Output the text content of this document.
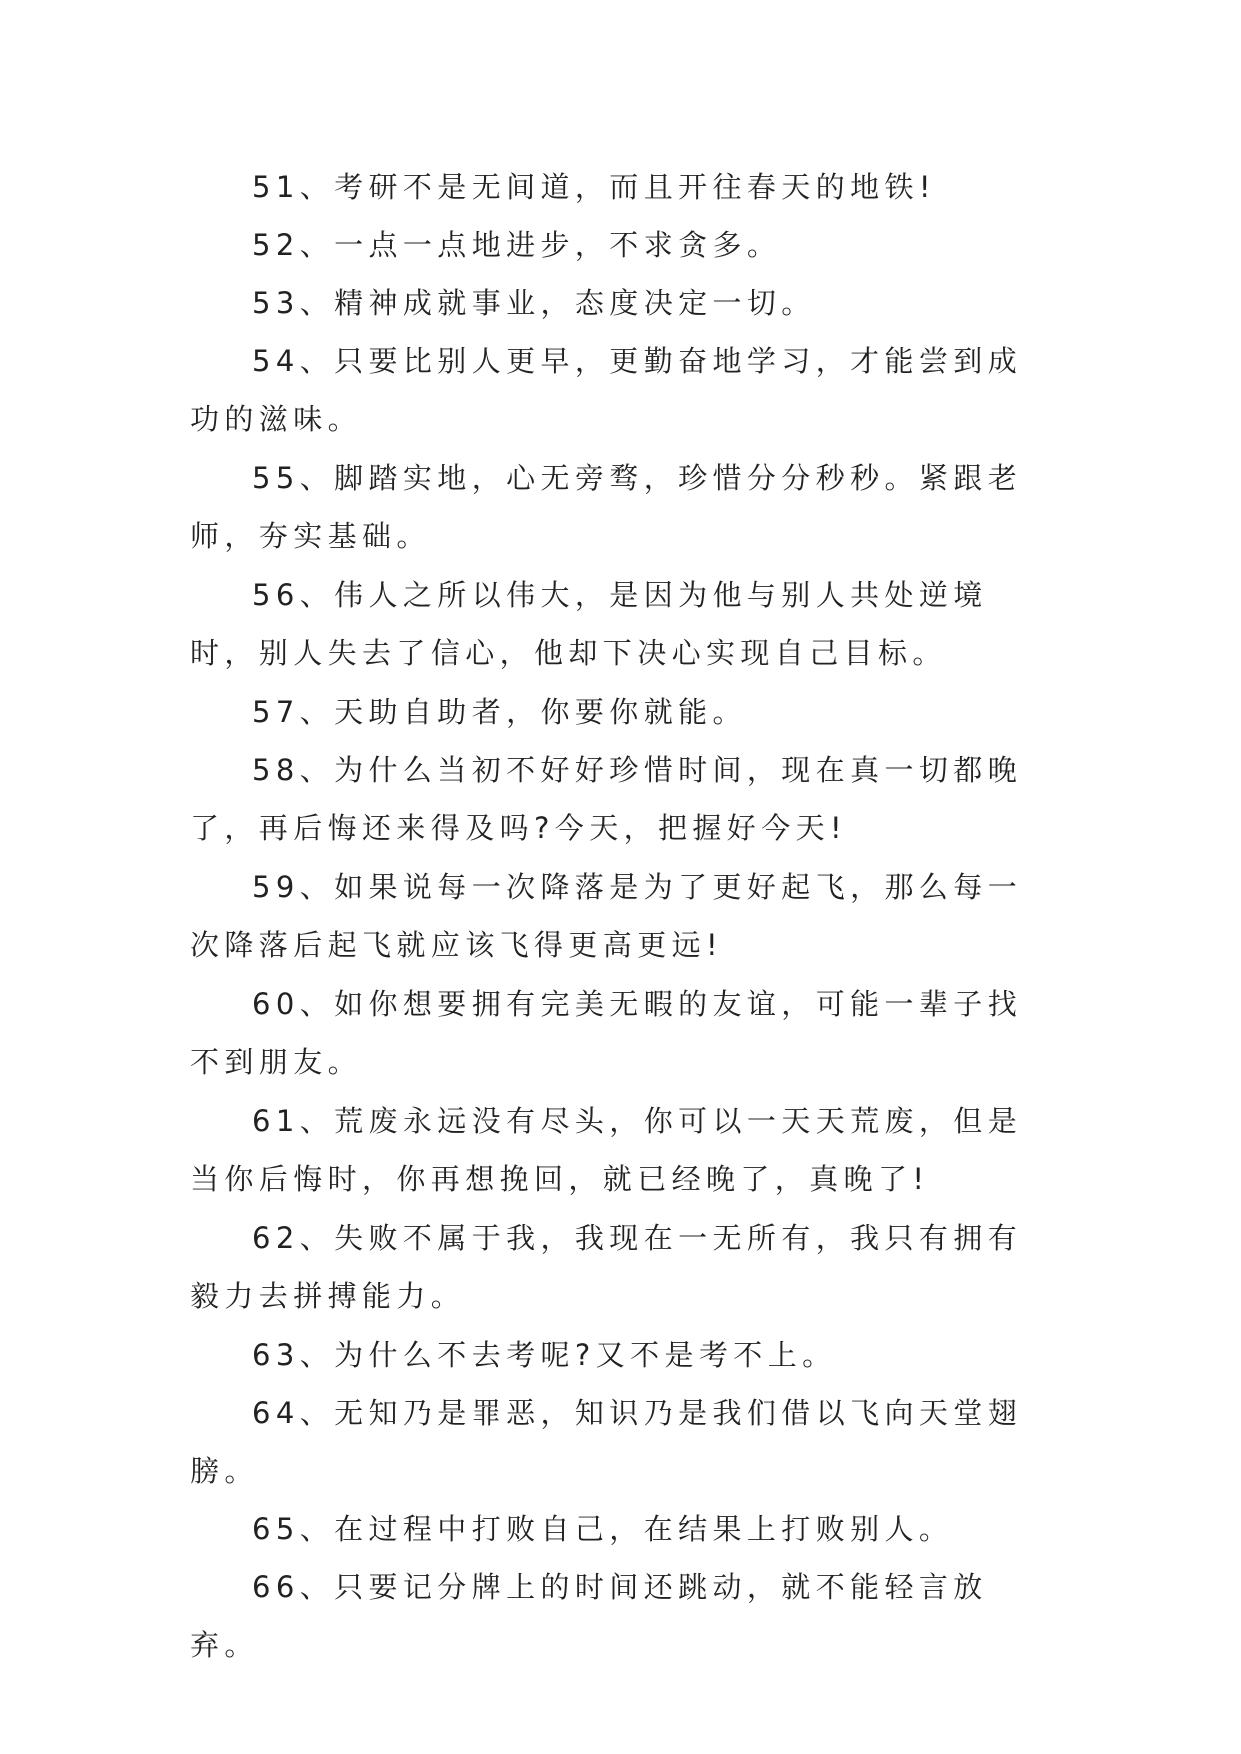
51、考研不是无间道，而且开往春天的地铁!

52、一点一点地进步，不求贪多。

53、精神成就事业，态度决定一切。

54、只要比别人更早，更勤奋地学习，才能尝到成功的滋味。

55、脚踏实地，心无旁骛，珍惜分分秒秒。紧跟老师，夯实基础。

56、伟人之所以伟大，是因为他与别人共处逆境时，别人失去了信心，他却下决心实现自己目标。

57、天助自助者，你要你就能。

58、为什么当初不好好珍惜时间，现在真一切都晚了，再后悔还来得及吗?今天，把握好今天!

59、如果说每一次降落是为了更好起飞，那么每一次降落后起飞就应该飞得更高更远!

60、如你想要拥有完美无暇的友谊，可能一辈子找不到朋友。

61、荒废永远没有尽头，你可以一天天荒废，但是当你后悔时，你再想挽回，就已经晚了，真晚了!

62、失败不属于我，我现在一无所有，我只有拥有毅力去拼搏能力。

63、为什么不去考呢?又不是考不上。

64、无知乃是罪恶，知识乃是我们借以飞向天堂翅膀。

65、在过程中打败自己，在结果上打败别人。

66、只要记分牌上的时间还跳动，就不能轻言放弃。
